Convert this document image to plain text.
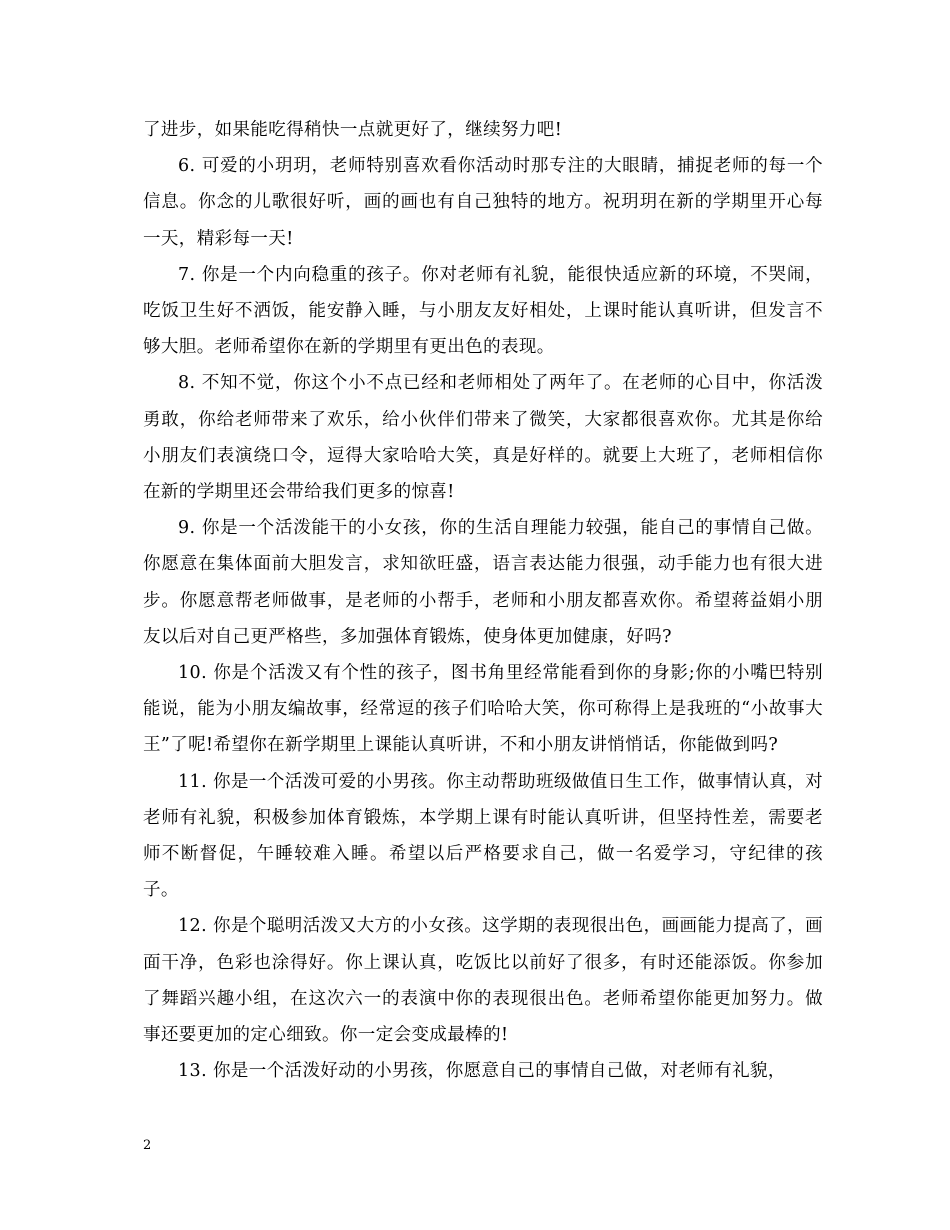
了进步，如果能吃得稍快一点就更好了，继续努力吧!

6. 可爱的小玥玥，老师特别喜欢看你活动时那专注的大眼睛，捕捉老师的每一个信息。你念的儿歌很好听，画的画也有自己独特的地方。祝玥玥在新的学期里开心每一天，精彩每一天!

7. 你是一个内向稳重的孩子。你对老师有礼貌，能很快适应新的环境，不哭闹，吃饭卫生好不洒饭，能安静入睡，与小朋友友好相处，上课时能认真听讲，但发言不够大胆。老师希望你在新的学期里有更出色的表现。

8. 不知不觉，你这个小不点已经和老师相处了两年了。在老师的心目中，你活泼勇敢，你给老师带来了欢乐，给小伙伴们带来了微笑，大家都很喜欢你。尤其是你给小朋友们表演绕口令，逗得大家哈哈大笑，真是好样的。就要上大班了，老师相信你在新的学期里还会带给我们更多的惊喜!

9. 你是一个活泼能干的小女孩，你的生活自理能力较强，能自己的事情自己做。你愿意在集体面前大胆发言，求知欲旺盛，语言表达能力很强，动手能力也有很大进步。你愿意帮老师做事，是老师的小帮手，老师和小朋友都喜欢你。希望蒋益娟小朋友以后对自己更严格些，多加强体育锻炼，使身体更加健康，好吗?

10. 你是个活泼又有个性的孩子，图书角里经常能看到你的身影;你的小嘴巴特别能说，能为小朋友编故事，经常逗的孩子们哈哈大笑，你可称得上是我班的“小故事大王”了呢!希望你在新学期里上课能认真听讲，不和小朋友讲悄悄话，你能做到吗?

11. 你是一个活泼可爱的小男孩。你主动帮助班级做值日生工作，做事情认真，对老师有礼貌，积极参加体育锻炼，本学期上课有时能认真听讲，但坚持性差，需要老师不断督促，午睡较难入睡。希望以后严格要求自己，做一名爱学习，守纪律的孩子。

12. 你是个聪明活泼又大方的小女孩。这学期的表现很出色，画画能力提高了，画面干净，色彩也涂得好。你上课认真，吃饭比以前好了很多，有时还能添饭。你参加了舞蹈兴趣小组，在这次六一的表演中你的表现很出色。老师希望你能更加努力。做事还要更加的定心细致。你一定会变成最棒的!

13. 你是一个活泼好动的小男孩，你愿意自己的事情自己做，对老师有礼貌，

2
